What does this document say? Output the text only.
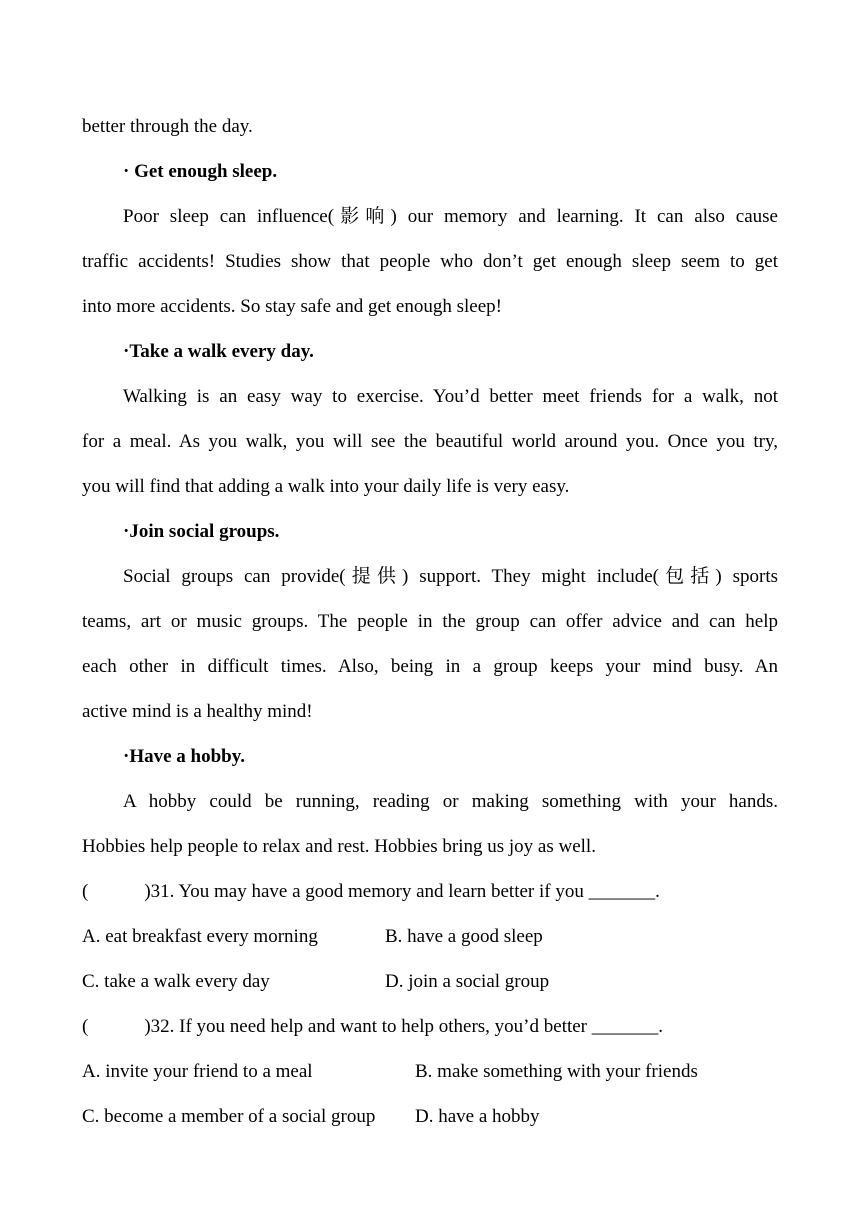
better through the day.
· Get enough sleep.
Poor sleep can influence(影响) our memory and learning. It can also cause
traffic accidents! Studies show that people who don’t get enough sleep seem to get
into more accidents. So stay safe and get enough sleep!
·Take a walk every day.
Walking is an easy way to exercise. You’d better meet friends for a walk, not
for a meal. As you walk, you will see the beautiful world around you. Once you try,
you will find that adding a walk into your daily life is very easy.
·Join social groups.
Social groups can provide(提供) support. They might include(包括) sports
teams, art or music groups. The people in the group can offer advice and can help
each other in difficult times. Also, being in a group keeps your mind busy. An
active mind is a healthy mind!
·Have a hobby.
A hobby could be running, reading or making something with your hands.
Hobbies help people to relax and rest. Hobbies bring us joy as well.
(	)31. You may have a good memory and learn better if you _______.
A. eat breakfast every morning	B. have a good sleep
C. take a walk every day	D. join a social group
(	)32. If you need help and want to help others, you’d better _______.
A. invite your friend to a meal	B. make something with your friends
C. become a member of a social group D. have a hobby
